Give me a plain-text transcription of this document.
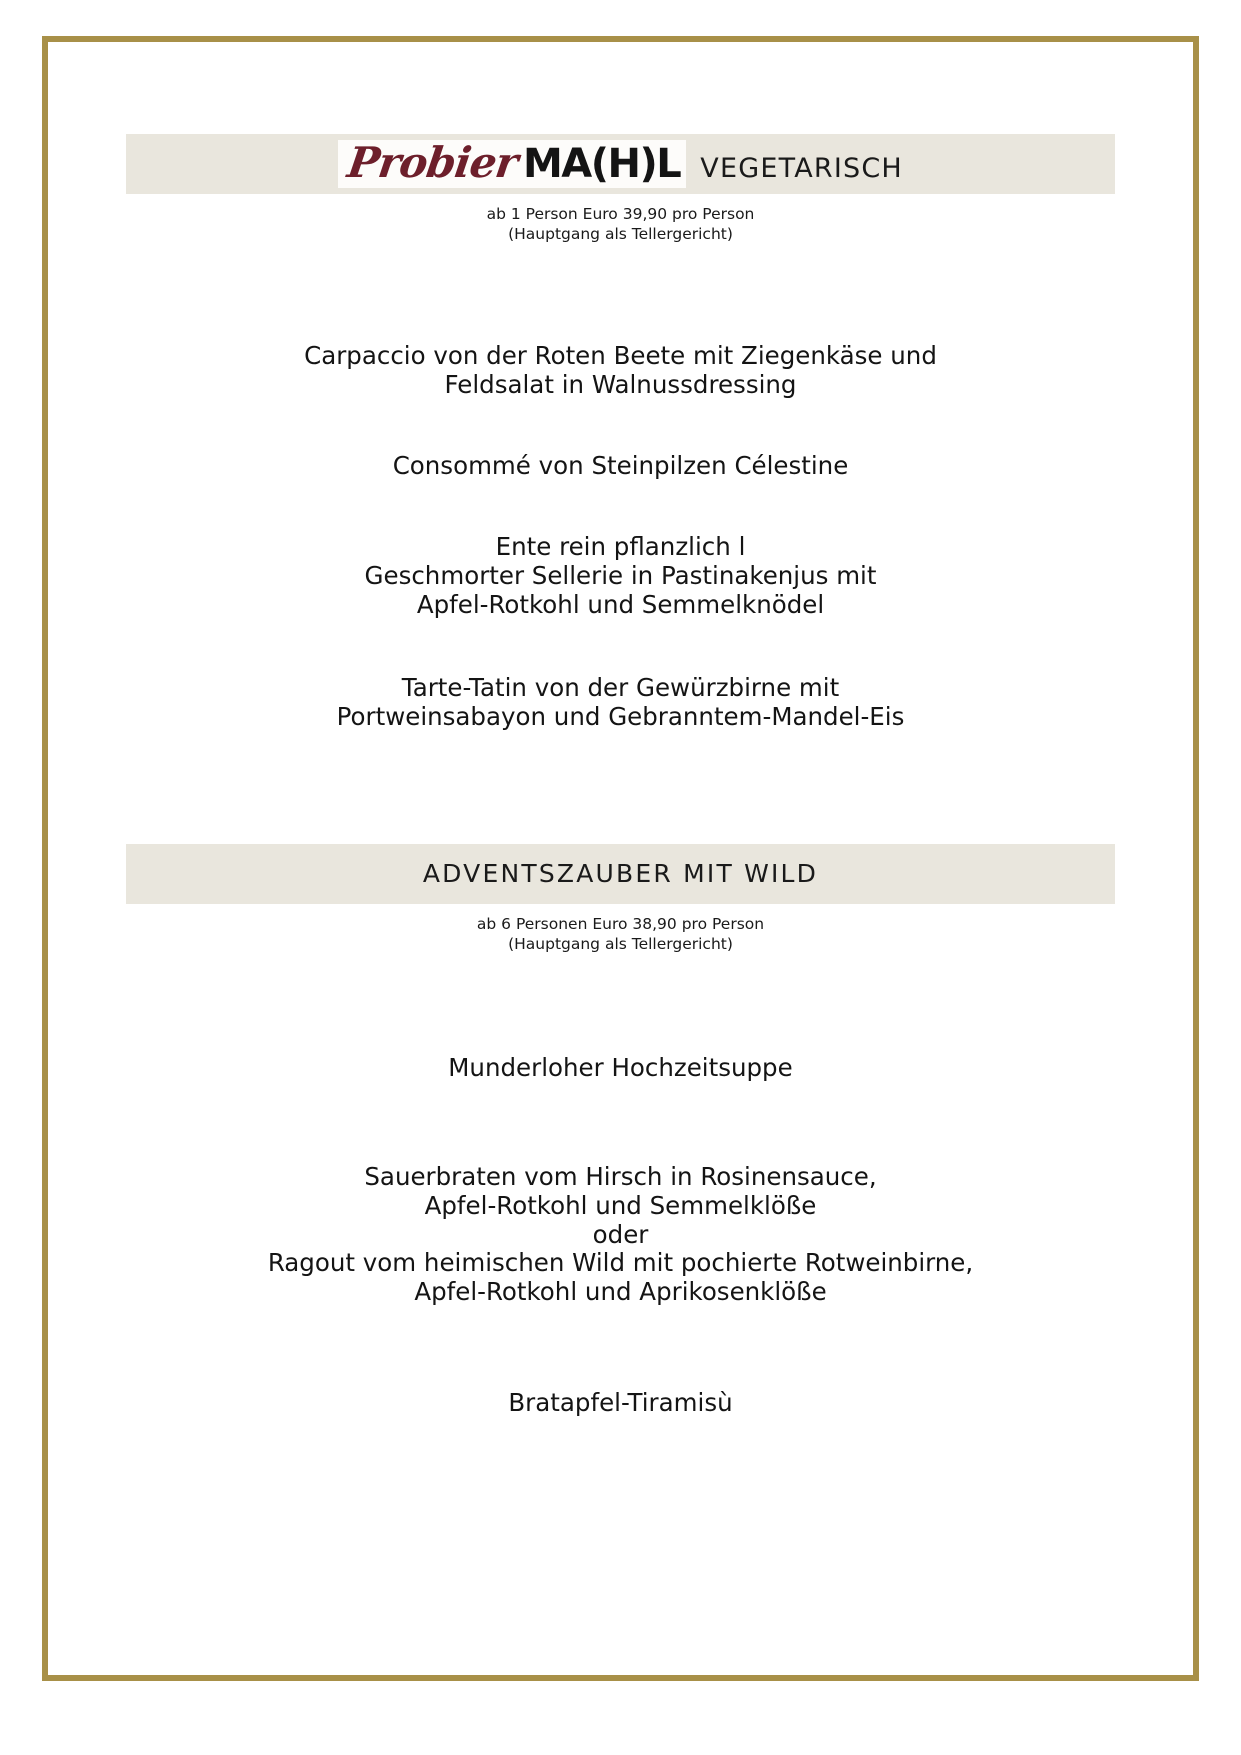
Probier MA(H)L VEGETARISCH
ab 1 Person Euro 39,90 pro Person
(Hauptgang als Tellergericht)
Carpaccio von der Roten Beete mit Ziegenkäse und
Feldsalat in Walnussdressing
Consommé von Steinpilzen Célestine
Ente rein pflanzlich l
Geschmorter Sellerie in Pastinakenjus mit
Apfel-Rotkohl und Semmelknödel
Tarte-Tatin von der Gewürzbirne mit
Portweinsabayon und Gebranntem-Mandel-Eis
ADVENTSZAUBER MIT WILD
ab 6 Personen Euro 38,90 pro Person
(Hauptgang als Tellergericht)
Munderloher Hochzeitsuppe
Sauerbraten vom Hirsch in Rosinensauce,
Apfel-Rotkohl und Semmelklöße
oder
Ragout vom heimischen Wild mit pochierte Rotweinbirne,
Apfel-Rotkohl und Aprikosenklöße
Bratapfel-Tiramisù
